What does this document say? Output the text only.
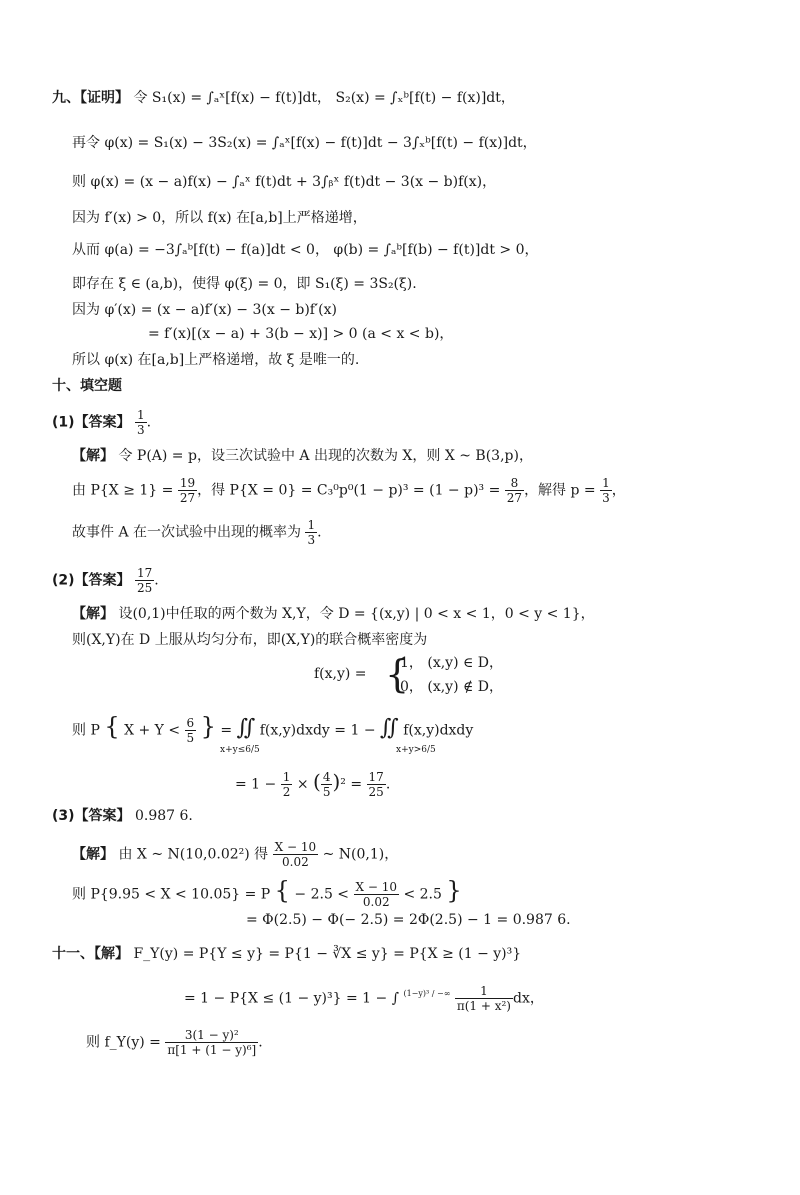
九、【证明】 令 S₁(x) = ∫ₐˣ[f(x) − f(t)]dt， S₂(x) = ∫ₓᵇ[f(t) − f(x)]dt，
再令 φ(x) = S₁(x) − 3S₂(x) = ∫ₐˣ[f(x) − f(t)]dt − 3∫ₓᵇ[f(t) − f(x)]dt，
则 φ(x) = (x − a)f(x) − ∫ₐˣ f(t)dt + 3∫ᵦˣ f(t)dt − 3(x − b)f(x)，
因为 f′(x) > 0，所以 f(x) 在[a,b]上严格递增，
从而 φ(a) = −3∫ₐᵇ[f(t) − f(a)]dt < 0， φ(b) = ∫ₐᵇ[f(b) − f(t)]dt > 0，
即存在 ξ ∈ (a,b)，使得 φ(ξ) = 0，即 S₁(ξ) = 3S₂(ξ).
因为 φ′(x) = (x − a)f′(x) − 3(x − b)f′(x)
= f′(x)[(x − a) + 3(b − x)] > 0 (a < x < b)，
所以 φ(x) 在[a,b]上严格递增，故 ξ 是唯一的.
十、填空题
(1)【答案】 $\frac{1}{3}$ .
【解】 令 P(A) = p，设三次试验中 A 出现的次数为 X，则 X ~ B(3,p)，
由 $P\{X \ge 1\} = \frac{19}{27}$ ，得 $P\{X = 0\} = C_3^0p^0(1 - p)^3 = (1 - p)^3 = \frac{8}{27}$ ，解得 $p = \frac{1}{3}$ ，
故事件 A 在一次试验中出现的概率为 $\frac{1}{3}$ .
(2)【答案】 $\frac{17}{25}$ .
【解】 设(0,1)中任取的两个数为 X,Y，令 D = {(x,y) | 0 < x < 1，0 < y < 1}，
则(X,Y)在 D 上服从均匀分布，即(X,Y)的联合概率密度为
f(x,y) = {
1， (x,y) ∈ D，
0， (x,y) ∉ D，
则 P { $X + Y < \frac{6}{5}$ } = ∬ f(x,y)dxdy = 1 − ∬ f(x,y)dxdy
x+y≤6/5	x+y>6/5
= $1 - \frac{1}{2}$ × ( $\frac{4}{5} )^2 = \frac{17}{25}$ .
(3)【答案】 0.987 6.
【解】 由 X ~ N(10,0.02²) 得 $\frac{X - 10}{0.02}$ ~ N(0,1)，
则 P{9.95 < X < 10.05} = P { − $2.5 < \frac{X - 10}{0.02} < 2.5$ }
= Φ(2.5) − Φ(− 2.5) = 2Φ(2.5) − 1 = 0.987 6.
十一、【解】 F_Y(y) = P{Y ≤ y} = P{1 − ∛X ≤ y} = P{X ≥ (1 − y)³}
= 1 − P{X ≤ (1 − y)³} = 1 − ∫ $^{(1-y)^3 / -\infty} \frac{1}{\text{π(1 + x²)}}$ dx，
则 f_Y(y) = $\frac{\text{3(1 − y)²}}{\text{π[1 + (1 − y)⁶]}}$ .
